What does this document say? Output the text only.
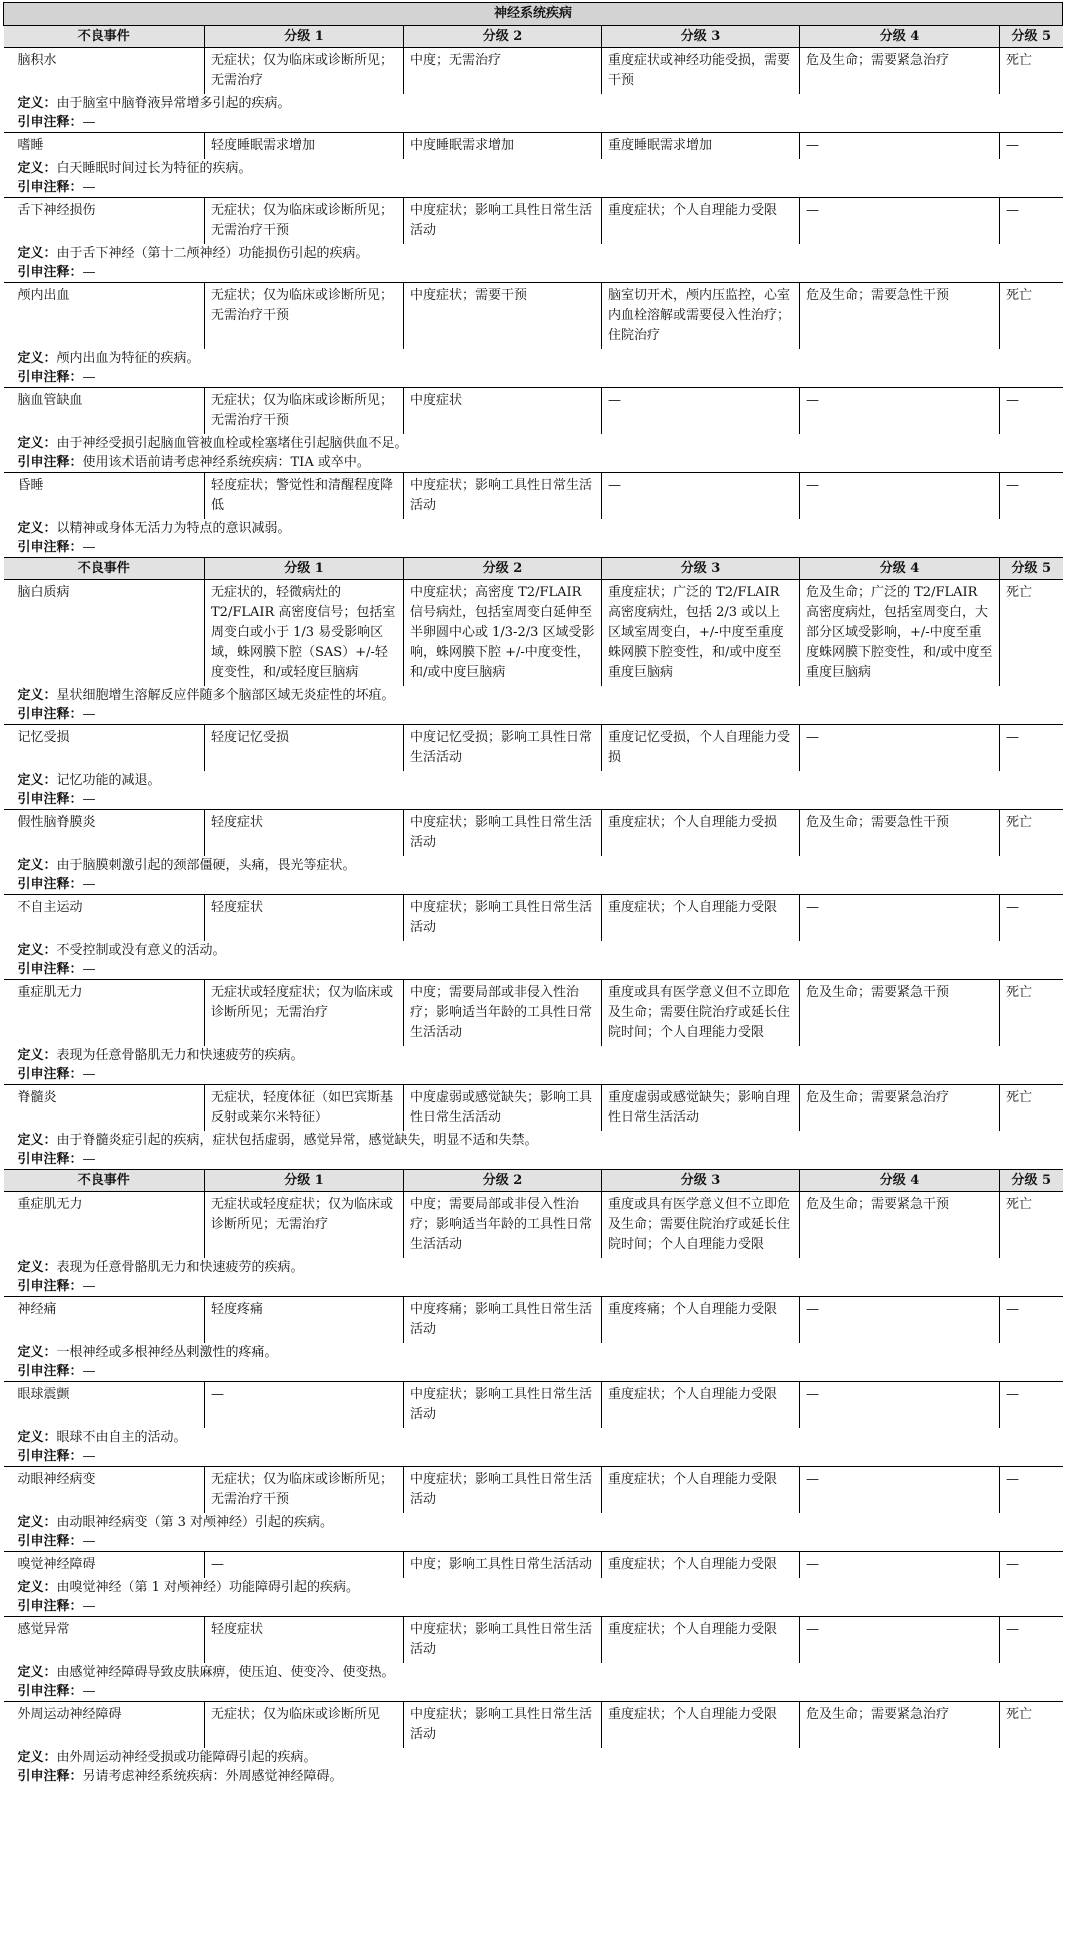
神经系统疾病					
不良事件	分级 1	分级 2	分级 3	分级 4	分级 5
脑积水	无症状；仅为临床或诊断所见；无需治疗	中度；无需治疗	重度症状或神经功能受损，需要干预	危及生命；需要紧急治疗	死亡
定义：由于脑室中脑脊液异常增多引起的疾病。					
引申注释：—					
嗜睡	轻度睡眠需求增加	中度睡眠需求增加	重度睡眠需求增加	—	—
定义：白天睡眠时间过长为特征的疾病。					
引申注释：—					
舌下神经损伤	无症状；仅为临床或诊断所见；无需治疗干预	中度症状；影响工具性日常生活活动	重度症状；个人自理能力受限	—	—
定义：由于舌下神经（第十二颅神经）功能损伤引起的疾病。					
引申注释：—					
颅内出血	无症状；仅为临床或诊断所见；无需治疗干预	中度症状；需要干预	脑室切开术，颅内压监控，心室内血栓溶解或需要侵入性治疗；住院治疗	危及生命；需要急性干预	死亡
定义：颅内出血为特征的疾病。					
引申注释：—					
脑血管缺血	无症状；仅为临床或诊断所见；无需治疗干预	中度症状	—	—	—
定义：由于神经受损引起脑血管被血栓或栓塞堵住引起脑供血不足。					
引申注释：使用该术语前请考虑神经系统疾病：TIA 或卒中。					
昏睡	轻度症状；警觉性和清醒程度降低	中度症状；影响工具性日常生活活动	—	—	—
定义：以精神或身体无活力为特点的意识减弱。					
引申注释：—					
不良事件	分级 1	分级 2	分级 3	分级 4	分级 5
脑白质病	无症状的，轻微病灶的T2/FLAIR 高密度信号；包括室周变白或小于 1/3 易受影响区域，蛛网膜下腔（SAS）+/-轻度变性，和/或轻度巨脑病	中度症状；高密度 T2/FLAIR 信号病灶，包括室周变白延伸至半卵圆中心或 1/3-2/3 区域受影响，蛛网膜下腔 +/-中度变性，和/或中度巨脑病	重度症状；广泛的 T2/FLAIR 高密度病灶，包括 2/3 或以上区域室周变白，+/-中度至重度蛛网膜下腔变性，和/或中度至重度巨脑病	危及生命；广泛的 T2/FLAIR 高密度病灶，包括室周变白，大部分区域受影响，+/-中度至重度蛛网膜下腔变性，和/或中度至重度巨脑病	死亡
定义：星状细胞增生溶解反应伴随多个脑部区域无炎症性的坏疽。					
引申注释：—					
记忆受损	轻度记忆受损	中度记忆受损；影响工具性日常生活活动	重度记忆受损，个人自理能力受损	—	—
定义：记忆功能的减退。					
引申注释：—					
假性脑脊膜炎	轻度症状	中度症状；影响工具性日常生活活动	重度症状；个人自理能力受损	危及生命；需要急性干预	死亡
定义：由于脑膜刺激引起的颈部僵硬，头痛，畏光等症状。					
引申注释：—					
不自主运动	轻度症状	中度症状；影响工具性日常生活活动	重度症状；个人自理能力受限	—	—
定义：不受控制或没有意义的活动。					
引申注释：—					
重症肌无力	无症状或轻度症状；仅为临床或诊断所见；无需治疗	中度；需要局部或非侵入性治疗；影响适当年龄的工具性日常生活活动	重度或具有医学意义但不立即危及生命；需要住院治疗或延长住院时间；个人自理能力受限	危及生命；需要紧急干预	死亡
定义：表现为任意骨骼肌无力和快速疲劳的疾病。					
引申注释：—					
脊髓炎	无症状，轻度体征（如巴宾斯基反射或莱尔米特征）	中度虚弱或感觉缺失；影响工具性日常生活活动	重度虚弱或感觉缺失；影响自理性日常生活活动	危及生命；需要紧急治疗	死亡
定义：由于脊髓炎症引起的疾病，症状包括虚弱，感觉异常，感觉缺失，明显不适和失禁。					
引申注释：—					
不良事件	分级 1	分级 2	分级 3	分级 4	分级 5
重症肌无力	无症状或轻度症状；仅为临床或诊断所见；无需治疗	中度；需要局部或非侵入性治疗；影响适当年龄的工具性日常生活活动	重度或具有医学意义但不立即危及生命；需要住院治疗或延长住院时间；个人自理能力受限	危及生命；需要紧急干预	死亡
定义：表现为任意骨骼肌无力和快速疲劳的疾病。					
引申注释：—					
神经痛	轻度疼痛	中度疼痛；影响工具性日常生活活动	重度疼痛；个人自理能力受限	—	—
定义：一根神经或多根神经丛剌激性的疼痛。					
引申注释：—					
眼球震颤	—	中度症状；影响工具性日常生活活动	重度症状；个人自理能力受限	—	—
定义：眼球不由自主的活动。					
引申注释：—					
动眼神经病变	无症状；仅为临床或诊断所见；无需治疗干预	中度症状；影响工具性日常生活活动	重度症状；个人自理能力受限	—	—
定义：由动眼神经病变（第 3 对颅神经）引起的疾病。					
引申注释：—					
嗅觉神经障碍	—	中度；影响工具性日常生活活动	重度症状；个人自理能力受限	—	—
定义：由嗅觉神经（第 1 对颅神经）功能障碍引起的疾病。					
引申注释：—					
感觉异常	轻度症状	中度症状；影响工具性日常生活活动	重度症状；个人自理能力受限	—	—
定义：由感觉神经障碍导致皮肤麻痹，使压迫、使变冷、使变热。					
引申注释：—					
外周运动神经障碍	无症状；仅为临床或诊断所见	中度症状；影响工具性日常生活活动	重度症状；个人自理能力受限	危及生命；需要紧急治疗	死亡
定义：由外周运动神经受损或功能障碍引起的疾病。					
引申注释：另请考虑神经系统疾病：外周感觉神经障碍。					
